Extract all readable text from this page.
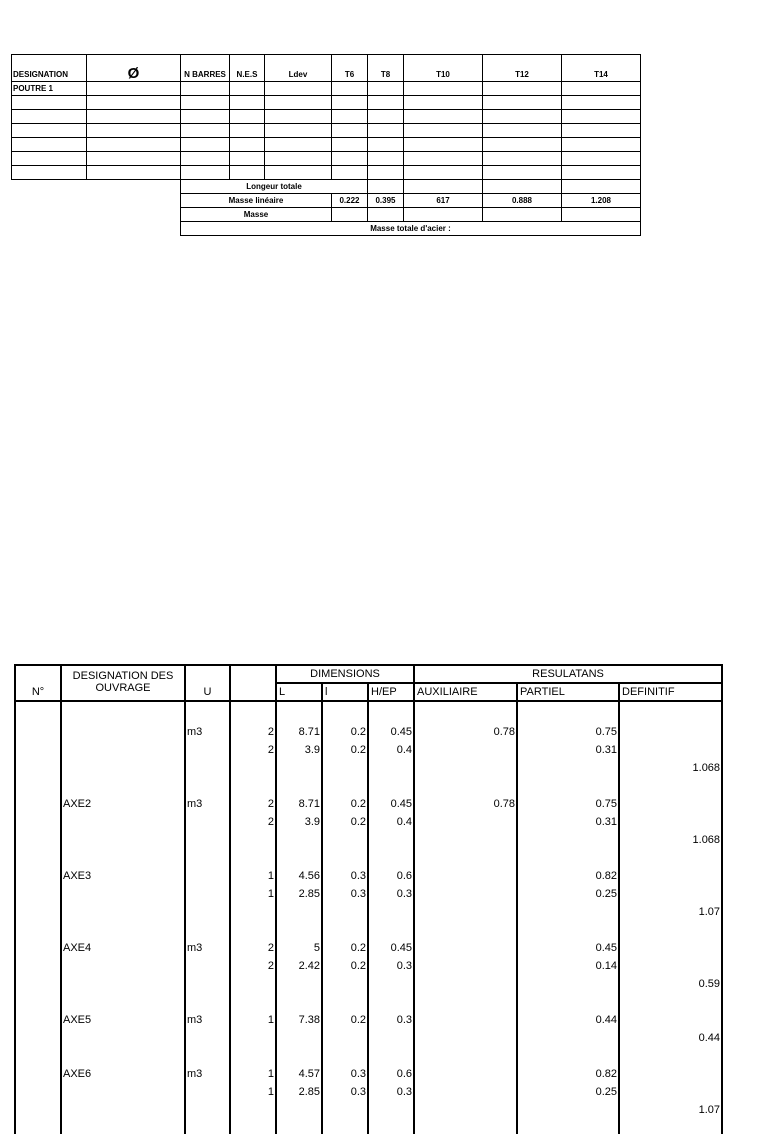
DESIGNATION	Ø	N BARRES	N.E.S	Ldev	T6	T8	T10	T12	T14
POUTRE 1									

		Longeur totale							
		Masse linéaire			0.222	0.395	617	0.888	1.208
		Masse							
		Masse totale d'acier :							
N°	DESIGNATION DES OUVRAGE	U		DIMENSIONS			RESULATANS		
				L	l	H/EP	AUXILIAIRE	PARTIEL	DEFINITIF

		m3	2	8.71	0.2	0.45	0.78	0.75	
			2	3.9	0.2	0.4		0.31	
									1.068

	AXE2	m3	2	8.71	0.2	0.45	0.78	0.75	
			2	3.9	0.2	0.4		0.31	
									1.068

	AXE3		1	4.56	0.3	0.6		0.82	
			1	2.85	0.3	0.3		0.25	
									1.07

	AXE4	m3	2	5	0.2	0.45		0.45	
			2	2.42	0.2	0.3		0.14	
									0.59

	AXE5	m3	1	7.38	0.2	0.3		0.44	
									0.44

	AXE6	m3	1	4.57	0.3	0.6		0.82	
			1	2.85	0.3	0.3		0.25	
									1.07
